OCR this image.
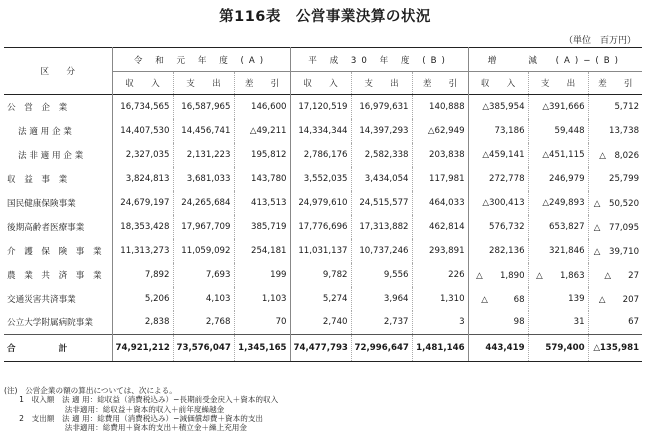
第116表　公営事業決算の状況
（単位　百万円）
区　　分	令 和 元 年 度 (A)			平 成 30 年 度 (B)			増　　減　(A)−(B)		
	収　　入	支　　出	差　　引	収　　入	支　　出	差　　引	収　　入	支　　出	差　　引
公　営　企　業	16,734,565	16,587,965	146,600	17,120,519	16,979,631	140,888	△385,954	△391,666	5,712
法 適 用 企 業	14,407,530	14,456,741	△49,211	14,334,344	14,397,293	△62,949	73,186	59,448	13,738
法 非 適 用 企 業	2,327,035	2,131,223	195,812	2,786,176	2,582,338	203,838	△459,141	△451,115	△　8,026
収　益　事　業	3,824,813	3,681,033	143,780	3,552,035	3,434,054	117,981	272,778	246,979	25,799
国民健康保険事業	24,679,197	24,265,684	413,513	24,979,610	24,515,577	464,033	△300,413	△249,893	△　50,520
後期高齢者医療事業	18,353,428	17,967,709	385,719	17,776,696	17,313,882	462,814	576,732	653,827	△　77,095
介　護　保　険　事　業	11,313,273	11,059,092	254,181	11,031,137	10,737,246	293,891	282,136	321,846	△　39,710
農　業　共　済　事　業	7,892	7,693	199	9,782	9,556	226	△　　1,890	△　　1,863	△　　27
交通災害共済事業	5,206	4,103	1,103	5,274	3,964	1,310	△　　　68	139	△　　207
公立大学附属病院事業	2,838	2,768	70	2,740	2,737	3	98	31	67
合　　　　　計	74,921,212	73,576,047	1,345,165	74,477,793	72,996,647	1,481,146	443,419	579,400	△135,981
(注)　公営企業の額の算出については、次による。
　　1　収入額　法 適 用：総収益（消費税込み）−長期前受金戻入＋資本的収入
　　　　　　　　法非適用：総収益＋資本的収入＋前年度繰越金
　　2　支出額　法 適 用：総費用（消費税込み）−減価償却費＋資本的支出
　　　　　　　　法非適用：総費用＋資本的支出＋積立金＋繰上充用金
